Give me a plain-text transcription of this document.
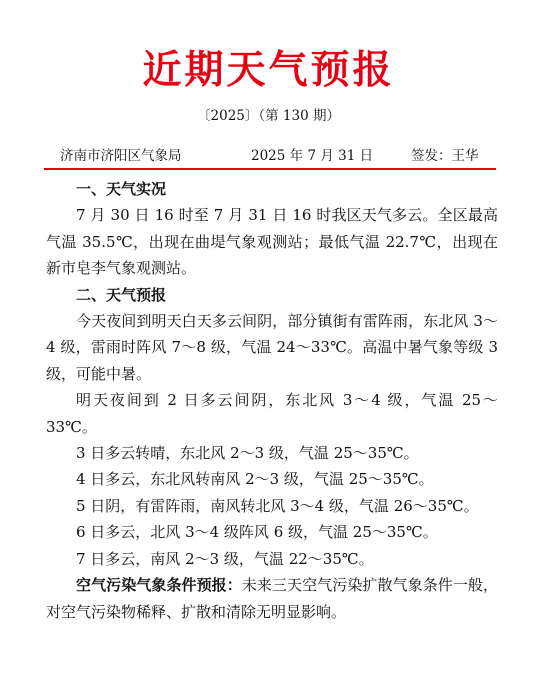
近期天气预报
〔2025〕（第 130 期）
济南市济阳区气象局	2025 年 7 月 31 日	签发：王华
一、天气实况

7 月 30 日 16 时至 7 月 31 日 16 时我区天气多云。全区最高气温 35.5℃，出现在曲堤气象观测站；最低气温 22.7℃，出现在新市皂李气象观测站。

二、天气预报

今天夜间到明天白天多云间阴，部分镇街有雷阵雨，东北风 3～4 级，雷雨时阵风 7～8 级，气温 24～33℃。高温中暑气象等级 3 级，可能中暑。

明天夜间到 2 日多云间阴，东北风 3～4 级，气温 25～33℃。

3 日多云转晴，东北风 2～3 级，气温 25～35℃。

4 日多云，东北风转南风 2～3 级，气温 25～35℃。

5 日阴，有雷阵雨，南风转北风 3～4 级，气温 26～35℃。

6 日多云，北风 3～4 级阵风 6 级，气温 25～35℃。

7 日多云，南风 2～3 级，气温 22～35℃。

空气污染气象条件预报：未来三天空气污染扩散气象条件一般，对空气污染物稀释、扩散和清除无明显影响。
